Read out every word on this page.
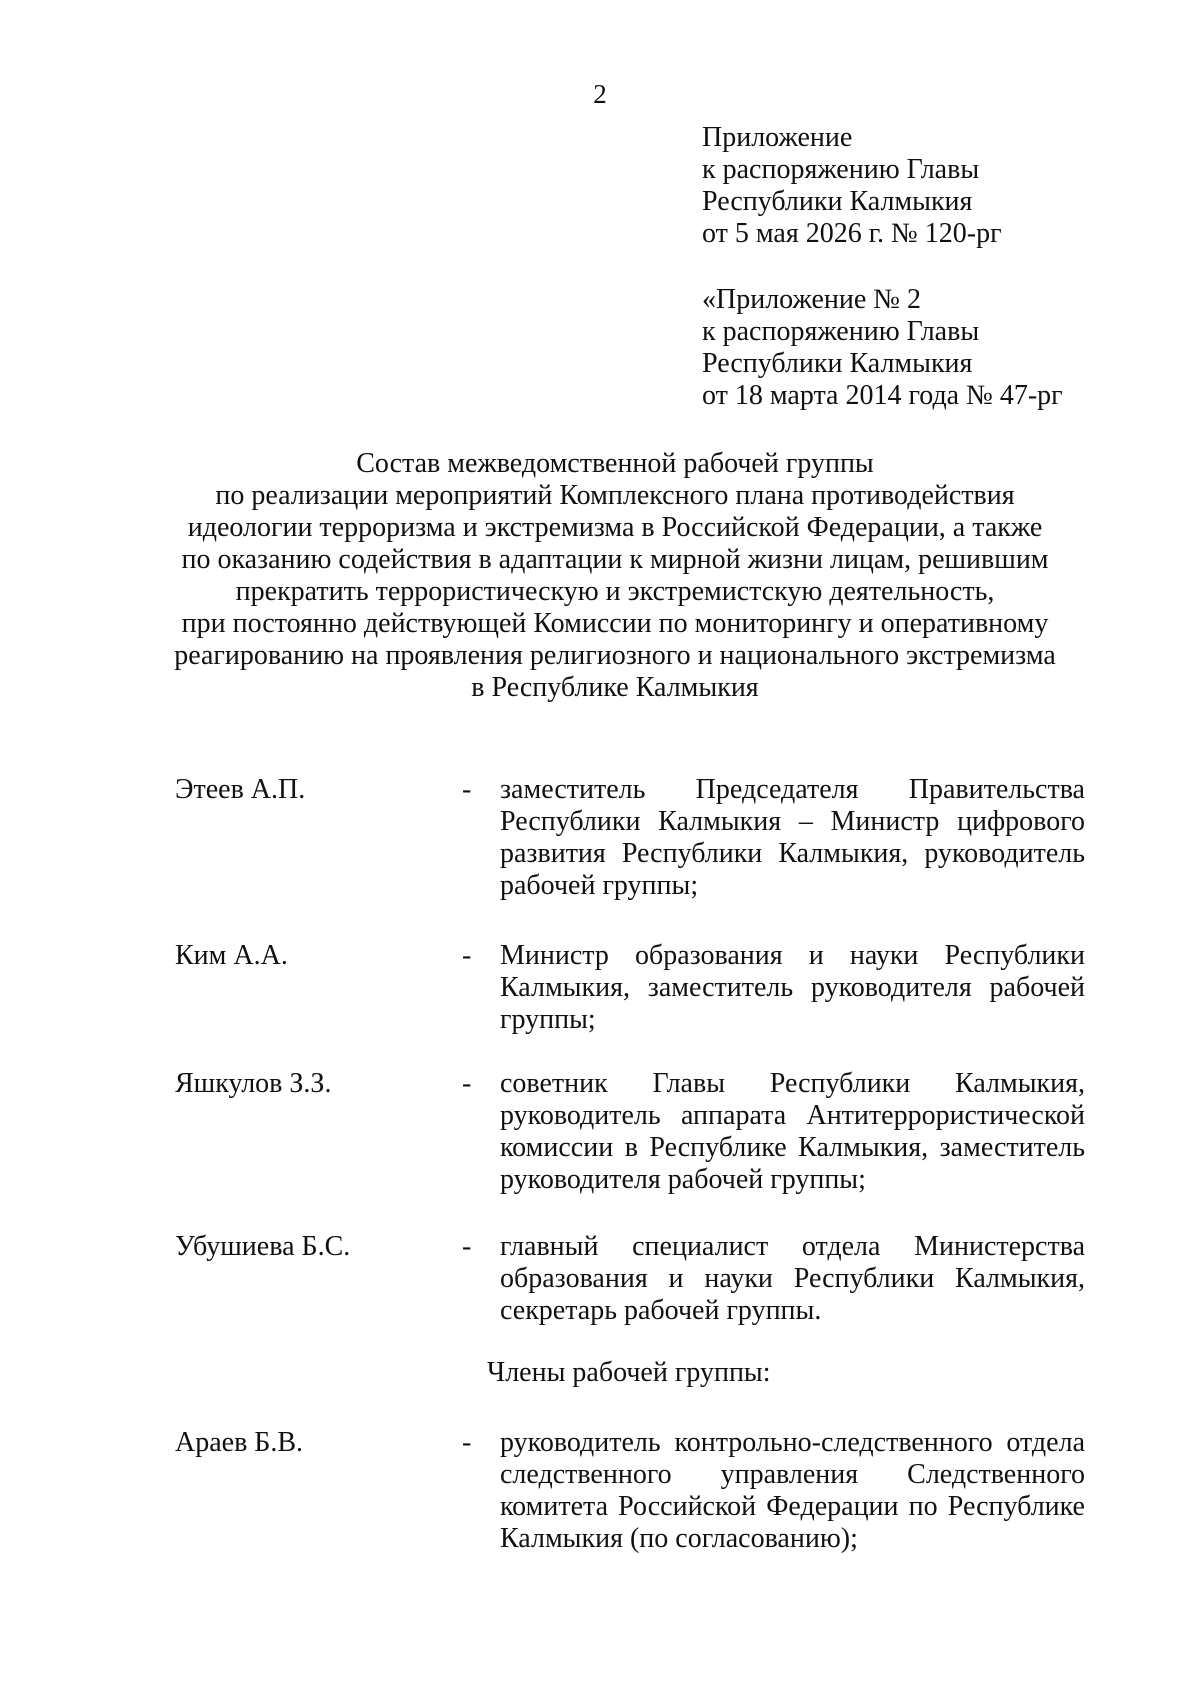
2
Приложение
к распоряжению Главы
Республики Калмыкия
от 5 мая 2026 г. № 120-рг
«Приложение № 2
к распоряжению Главы
Республики Калмыкия
от 18 марта 2014 года № 47-рг
Состав межведомственной рабочей группы
по реализации мероприятий Комплексного плана противодействия
идеологии терроризма и экстремизма в Российской Федерации, а также
по оказанию содействия в адаптации к мирной жизни лицам, решившим
прекратить террористическую и экстремистскую деятельность,
при постоянно действующей Комиссии по мониторингу и оперативному
реагированию на проявления религиозного и национального экстремизма
в Республике Калмыкия
Этеев А.П.	- заместитель Председателя Правительства Республики Калмыкия – Министр цифрового развития Республики Калмыкия, руководитель рабочей группы;
Ким А.А.	- Министр образования и науки Республики Калмыкия, заместитель руководителя рабочей группы;
Яшкулов З.З.	- советник Главы Республики Калмыкия, руководитель аппарата Антитеррористической комиссии в Республике Калмыкия, заместитель руководителя рабочей группы;
Убушиева Б.С.	- главный специалист отдела Министерства образования и науки Республики Калмыкия, секретарь рабочей группы.
Члены рабочей группы:
Араев Б.В.	- руководитель контрольно-следственного отдела следственного управления Следственного комитета Российской Федерации по Республике Калмыкия (по согласованию);
